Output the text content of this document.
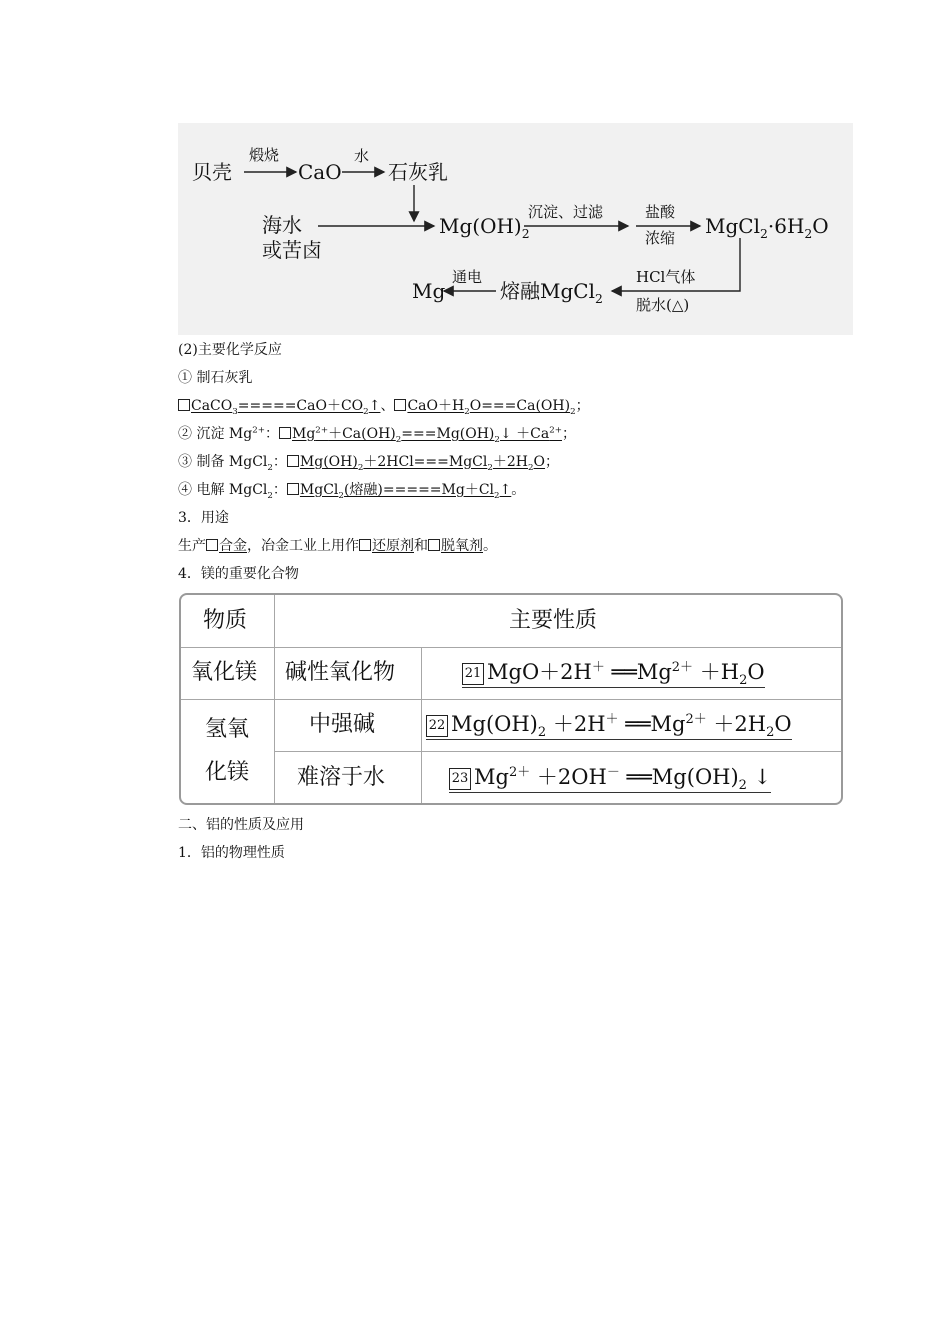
贝壳
煅烧
CaO
水
石灰乳
海水
或苦卤
$Mg(OH)_2$
沉淀、过滤	盐酸
浓缩 $MgCl_2\cdot 6H_2O$
HCl气体
脱水(△)
熔融MgCl$_2$
通电
Mg
(2)主要化学反应
① 制石灰乳
$CaCO_3=====CaO+CO_2↑$、 $CaO+H_2O===Ca(OH)_2$；
② 沉淀 $Mg^{2+}$： $Mg^{2+}+Ca(OH)_2===Mg(OH)_2↓ +Ca^{2+}$；
③ 制备 MgCl$_2$： $Mg(OH)_2+2HCl===MgCl_2+2H_2O$；
④ 电解 MgCl$_2$： MgCl$_2$(熔融)$=====Mg+Cl_2↑$。
3．用途
生产 合金，冶金工业上用作 还原剂和 脱氧剂。
4．镁的重要化合物
物质	主要性质
氧化镁 碱性氧化物	21 MgO＋2H＋ $══Mg^{2+} +H_2O$
氢氧
化镁
中强碱	22 $Mg(OH)_2 +2H^+$ $══Mg^{2+} +2H_2O$
难溶于水	23 $Mg^{2+} +2OH^-$ $══Mg(OH)_2$ ↓
二、铝的性质及应用
1．铝的物理性质
